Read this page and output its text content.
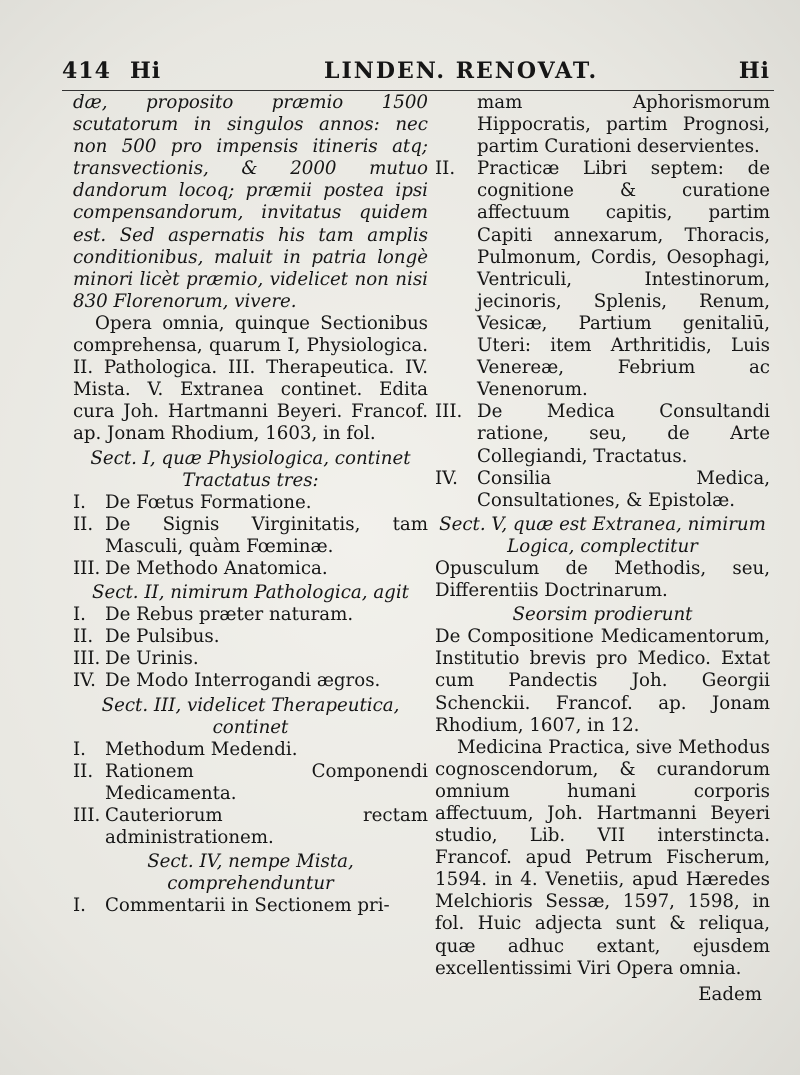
414 Hi	LINDEN. RENOVAT.	Hi

dæ, proposito præmio 1500 scutatorum in singulos annos: nec non 500 pro impensis itineris atq; transvectionis, & 2000 mutuo dandorum locoq; præmii postea ipsi compensandorum, invitatus quidem est. Sed aspernatis his tam amplis conditionibus, maluit in patria longè minori licèt præmio, videlicet non nisi 830 Florenorum, vivere.

Opera omnia, quinque Sectionibus comprehensa, quarum I, Physiologica. II. Pathologica. III. Therapeutica. IV. Mista. V. Extranea continet. Edita cura Joh. Hartmanni Beyeri. Francof. ap. Jonam Rhodium, 1603, in fol.

Sect. I, quæ Physiologica, continet Tractatus tres:

I. De Fœtus Formatione.

II. De Signis Virginitatis, tam Masculi, quàm Fœminæ.

III. De Methodo Anatomica.

Sect. II, nimirum Pathologica, agit

I. De Rebus præter naturam.

II. De Pulsibus.

III. De Urinis.

IV. De Modo Interrogandi ægros.

Sect. III, videlicet Therapeutica, continet

I. Methodum Medendi.

II. Rationem Componendi Medicamenta.

III. Cauteriorum rectam administrationem.

Sect. IV, nempe Mista, comprehenduntur

I. Commentarii in Sectionem pri-

mam Aphorismorum Hippocratis, partim Prognosi, partim Curationi deservientes.

II. Practicæ Libri septem: de cognitione & curatione affectuum capitis, partim Capiti annexarum, Thoracis, Pulmonum, Cordis, Oesophagi, Ventriculi, Intestinorum, jecinoris, Splenis, Renum, Vesicæ, Partium genitaliū, Uteri: item Arthritidis, Luis Venereæ, Febrium ac Venenorum.

III. De Medica Consultandi ratione, seu, de Arte Collegiandi, Tractatus.

IV. Consilia Medica, Consultationes, & Epistolæ.

Sect. V, quæ est Extranea, nimirum Logica, complectitur

Opusculum de Methodis, seu, Differentiis Doctrinarum.

Seorsim prodierunt

De Compositione Medicamentorum, Institutio brevis pro Medico. Extat cum Pandectis Joh. Georgii Schenckii. Francof. ap. Jonam Rhodium, 1607, in 12.

Medicina Practica, sive Methodus cognoscendorum, & curandorum omnium humani corporis affectuum, Joh. Hartmanni Beyeri studio, Lib. VII interstincta. Francof. apud Petrum Fischerum, 1594. in 4. Venetiis, apud Hæredes Melchioris Sessæ, 1597, 1598, in fol. Huic adjecta sunt & reliqua, quæ adhuc extant, ejusdem excellentissimi Viri Opera omnia.

Eadem
